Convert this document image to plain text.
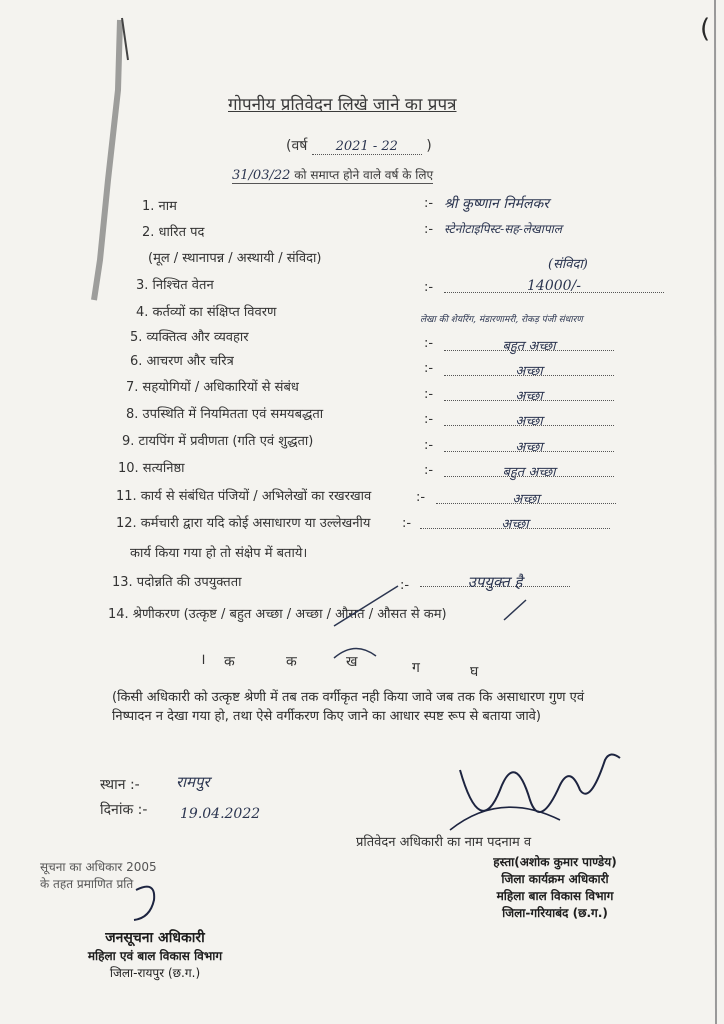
(
गोपनीय प्रतिवेदन लिखे जाने का प्रपत्र
(वर्ष 2021 - 22 )
31/03/22 को समाप्त होने वाले वर्ष के लिए
1. नाम	:- श्री कुष्णान निर्मलकर
2. धारित पद	:- स्टेनोटाइपिस्ट-सह-लेखापाल
(मूल / स्थानापन्न / अस्थायी / संविदा)	(संविदा)
3. निश्चित वेतन	:-	14000/-
4. कर्तव्यों का संक्षिप्त विवरण	लेखा की शेयरिंग, मंडारणामरी, रोकड़ पंजी संधारण
5. व्यक्तित्व और व्यवहार	:-	बहुत अच्छा
6. आचरण और चरित्र	:-	अच्छा
7. सहयोगियों / अधिकारियों से संबंध	:-	अच्छा
8. उपस्थिति में नियमितता एवं समयबद्धता	:-	अच्छा
9. टायपिंग में प्रवीणता (गति एवं शुद्धता)	:-	अच्छा
10. सत्यनिष्ठा	:-	बहुत अच्छा
11. कार्य से संबंधित पंजियों / अभिलेखों का रखरखाव	:-	अच्छा
12. कर्मचारी द्वारा यदि कोई असाधारण या उल्लेखनीय :-	अच्छा
कार्य किया गया हो तो संक्षेप में बताये।
13. पदोन्नति की उपयुक्तता	:-	उपयुक्त है
14. श्रेणीकरण (उत्कृष्ट / बहुत अच्छा / अच्छा / औसत / औसत से कम)
। क	क	ख	ग	घ
(किसी अधिकारी को उत्कृष्ट श्रेणी में तब तक वर्गीकृत नही किया जावे जब तक कि असाधारण गुण एवं निष्पादन न देखा गया हो, तथा ऐसे वर्गीकरण किए जाने का आधार स्पष्ट रूप से बताया जावे)
स्थान :- रामपुर
दिनांक :- 19.04.2022
प्रतिवेदन अधिकारी का नाम पदनाम व
हस्ता(अशोक कुमार पाण्डेय)
जिला कार्यक्रम अधिकारी
महिला बाल विकास विभाग
जिला-गरियाबंद (छ.ग.)
सूचना का अधिकार 2005
के तहत प्रमाणित प्रति
जनसूचना अधिकारी
महिला एवं बाल विकास विभाग
जिला-रायपुर (छ.ग.)
